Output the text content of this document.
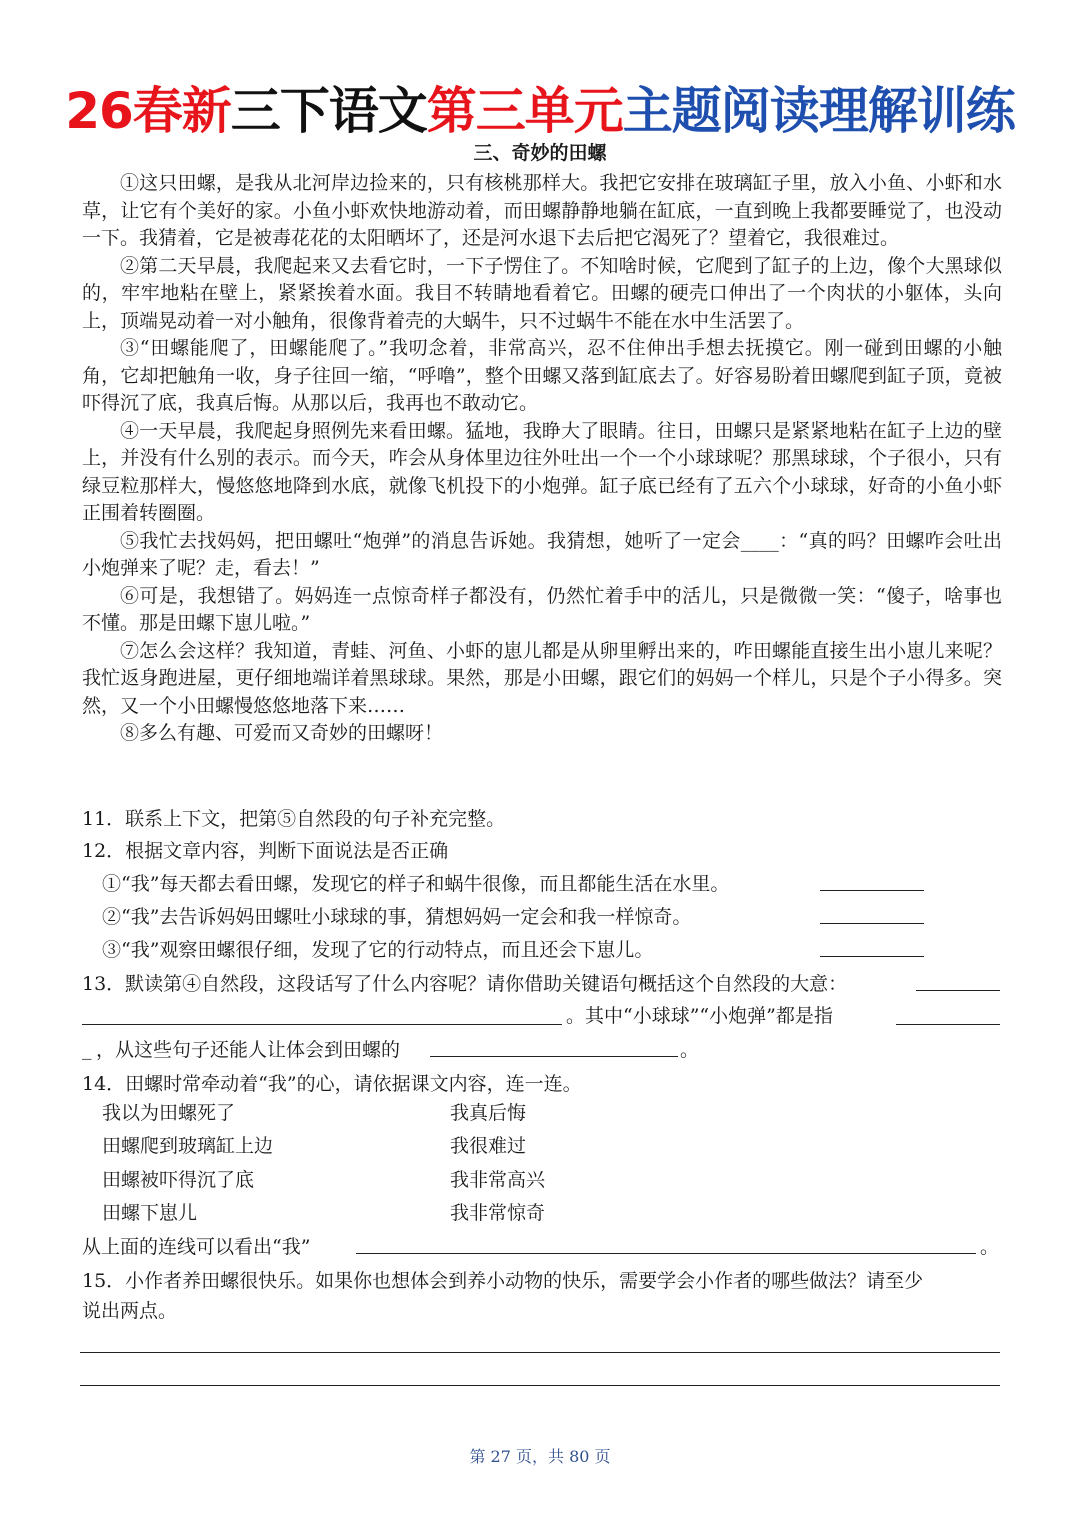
26春新三下语文第三单元主题阅读理解训练
三、奇妙的田螺

①这只田螺，是我从北河岸边捡来的，只有核桃那样大。我把它安排在玻璃缸子里，放入小鱼、小虾和水草，让它有个美好的家。小鱼小虾欢快地游动着，而田螺静静地躺在缸底，一直到晚上我都要睡觉了，也没动一下。我猜着，它是被毒花花的太阳晒坏了，还是河水退下去后把它渴死了？望着它，我很难过。

②第二天早晨，我爬起来又去看它时，一下子愣住了。不知啥时候，它爬到了缸子的上边，像个大黑球似的，牢牢地粘在壁上，紧紧挨着水面。我目不转睛地看着它。田螺的硬壳口伸出了一个肉状的小躯体，头向上，顶端晃动着一对小触角，很像背着壳的大蜗牛，只不过蜗牛不能在水中生活罢了。

③“田螺能爬了，田螺能爬了。”我叨念着，非常高兴，忍不住伸出手想去抚摸它。刚一碰到田螺的小触角，它却把触角一收，身子往回一缩，“呼噜”，整个田螺又落到缸底去了。好容易盼着田螺爬到缸子顶，竟被吓得沉了底，我真后悔。从那以后，我再也不敢动它。

④一天早晨，我爬起身照例先来看田螺。猛地，我睁大了眼睛。往日，田螺只是紧紧地粘在缸子上边的壁上，并没有什么别的表示。而今天，咋会从身体里边往外吐出一个一个小球球呢？那黑球球，个子很小，只有绿豆粒那样大，慢悠悠地降到水底，就像飞机投下的小炮弹。缸子底已经有了五六个小球球，好奇的小鱼小虾正围着转圈圈。

⑤我忙去找妈妈，把田螺吐“炮弹”的消息告诉她。我猜想，她听了一定会____：“真的吗？田螺咋会吐出小炮弹来了呢？走，看去！”

⑥可是，我想错了。妈妈连一点惊奇样子都没有，仍然忙着手中的活儿，只是微微一笑：“傻子，啥事也不懂。那是田螺下崽儿啦。”

⑦怎么会这样？我知道，青蛙、河鱼、小虾的崽儿都是从卵里孵出来的，咋田螺能直接生出小崽儿来呢？我忙返身跑进屋，更仔细地端详着黑球球。果然，那是小田螺，跟它们的妈妈一个样儿，只是个子小得多。突然，又一个小田螺慢悠悠地落下来……

⑧多么有趣、可爱而又奇妙的田螺呀！

11．联系上下文，把第⑤自然段的句子补充完整。
12．根据文章内容，判断下面说法是否正确
①“我”每天都去看田螺，发现它的样子和蜗牛很像，而且都能生活在水里。
②“我”去告诉妈妈田螺吐小球球的事，猜想妈妈一定会和我一样惊奇。
③“我”观察田螺很仔细，发现了它的行动特点，而且还会下崽儿。
13．默读第④自然段，这段话写了什么内容呢？请你借助关键语句概括这个自然段的大意：
。其中“小球球”“小炮弹”都是指
_ ，从这些句子还能人让体会到田螺的	。
14．田螺时常牵动着“我”的心，请依据课文内容，连一连。
我以为田螺死了	我真后悔
田螺爬到玻璃缸上边	我很难过
田螺被吓得沉了底	我非常高兴
田螺下崽儿	我非常惊奇
从上面的连线可以看出“我”	。
15．小作者养田螺很快乐。如果你也想体会到养小动物的快乐，需要学会小作者的哪些做法？请至少
说出两点。
第 27 页，共 80 页
